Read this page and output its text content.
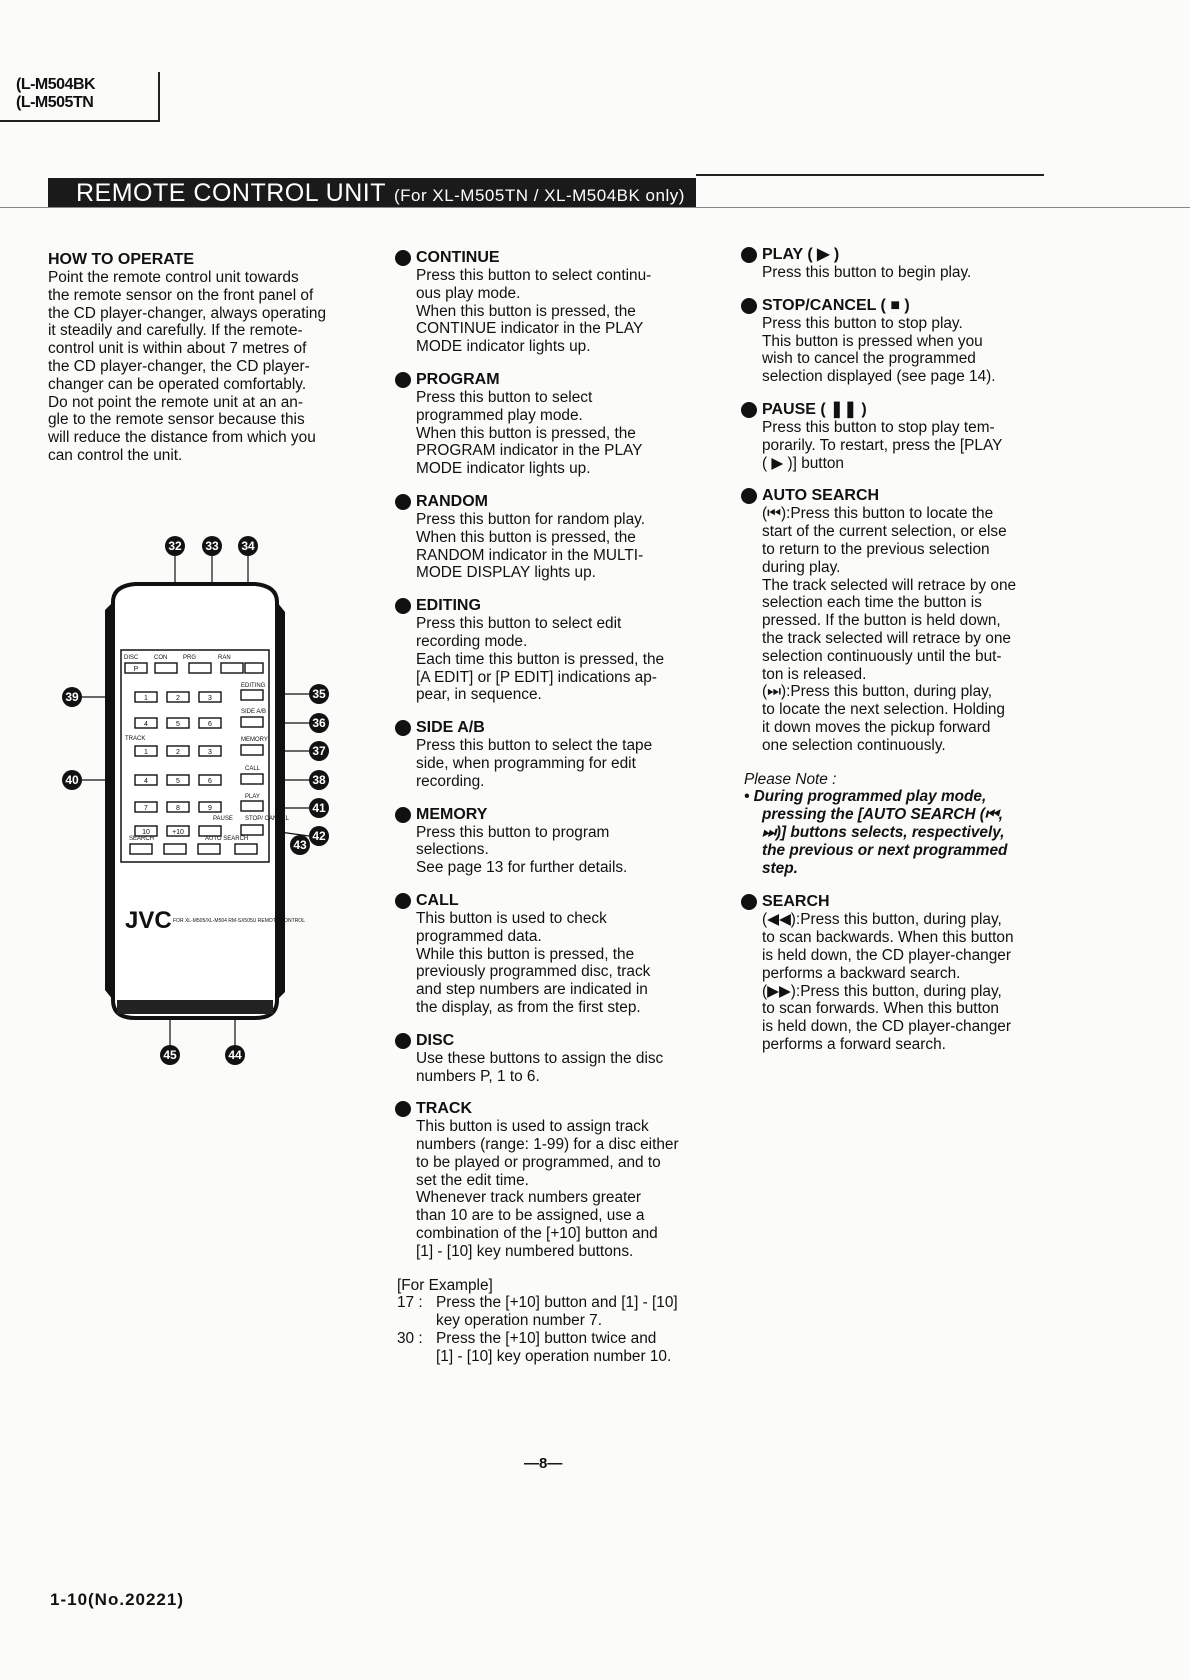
(L-M504BK
(L-M505TN
REMOTE CONTROL UNIT (For XL-M505TN / XL-M504BK only)
HOW TO OPERATE

Point the remote control unit towards

the remote sensor on the front panel of

the CD player-changer, always operating

it steadily and carefully. If the remote-

control unit is within about 7 metres of

the CD player-changer, the CD player-

changer can be operated comfortably.

Do not point the remote unit at an an-

gle to the remote sensor because this

will reduce the distance from which you

can control the unit.

32 33 34
35
36
37
39
38
40
41
42
43
44
45
DISC	CON	PRG	RAN
EDITING
SIDE A/B
TRACK	MEMORY
CALL
PLAY
PAUSE STOP/ CANCEL
SEARCH	AUTO SEARCH
P
1	2	3
4	5	6
1	2	3
4	5	6
7	8	9
10	+10
JVC FOR XL-M505/XL-M504 RM-SX505U REMOTE CONTROL
CONTINUE

Press this button to select continu-

ous play mode.

When this button is pressed, the

CONTINUE indicator in the PLAY

MODE indicator lights up.

PROGRAM

Press this button to select

programmed play mode.

When this button is pressed, the

PROGRAM indicator in the PLAY

MODE indicator lights up.

RANDOM

Press this button for random play.

When this button is pressed, the

RANDOM indicator in the MULTI-

MODE DISPLAY lights up.

EDITING

Press this button to select edit

recording mode.

Each time this button is pressed, the

[A EDIT] or [P EDIT] indications ap-

pear, in sequence.

SIDE A/B

Press this button to select the tape

side, when programming for edit

recording.

MEMORY

Press this button to program

selections.

See page 13 for further details.

CALL

This button is used to check

programmed data.

While this button is pressed, the

previously programmed disc, track

and step numbers are indicated in

the display, as from the first step.

DISC

Use these buttons to assign the disc

numbers P, 1 to 6.

TRACK

This button is used to assign track

numbers (range: 1-99) for a disc either

to be played or programmed, and to

set the edit time.

Whenever track numbers greater

than 10 are to be assigned, use a

combination of the [+10] button and

[1] - [10] key numbered buttons.

[For Example]
17 : Press the [+10] button and [1] - [10]

key operation number 7.

30 : Press the [+10] button twice and

[1] - [10] key operation number 10.

PLAY ( ▶ )

Press this button to begin play.

STOP/CANCEL ( ■ )

Press this button to stop play.

This button is pressed when you

wish to cancel the programmed

selection displayed (see page 14).

PAUSE ( ❚❚ )

Press this button to stop play tem-

porarily. To restart, press the [PLAY

( ▶ )] button

AUTO SEARCH

(⏮):Press this button to locate the

start of the current selection, or else

to return to the previous selection

during play.

The track selected will retrace by one

selection each time the button is

pressed. If the button is held down,

the track selected will retrace by one

selection continuously until the but-

ton is released.

(⏭):Press this button, during play,

to locate the next selection. Holding

it down moves the pickup forward

one selection continuously.

Please Note :

• During programmed play mode,

pressing the [AUTO SEARCH (⏮,

⏭)] buttons selects, respectively,

the previous or next programmed

step.

SEARCH

(◀◀):Press this button, during play,

to scan backwards. When this button

is held down, the CD player-changer

performs a backward search.

(▶▶):Press this button, during play,

to scan forwards. When this button

is held down, the CD player-changer

performs a forward search.

—8—
1-10(No.20221)
